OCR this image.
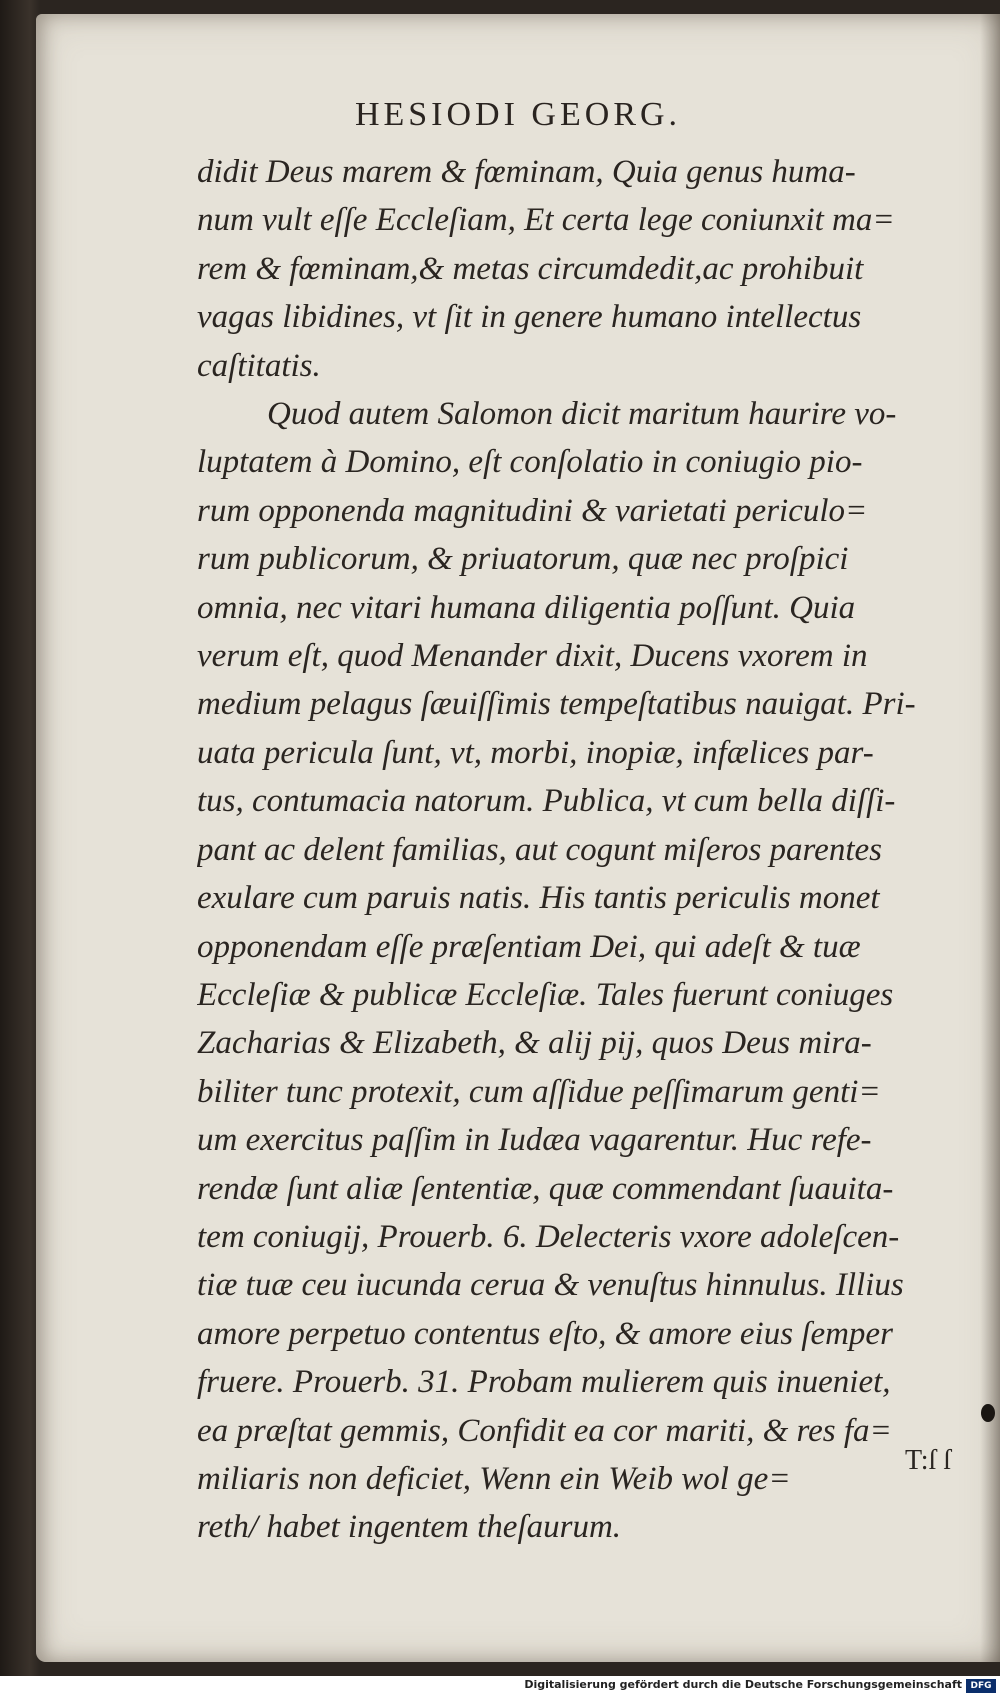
HESIODI GEORG.
didit Deus marem & fœminam, Quia genus huma-
num vult eſſe Eccleſiam, Et certa lege coniunxit ma=
rem & fœminam,& metas circumdedit,ac prohibuit
vagas libidines, vt ſit in genere humano intellectus
caſtitatis.
Quod autem Salomon dicit maritum haurire vo-
luptatem à Domino, eſt conſolatio in coniugio pio-
rum opponenda magnitudini & varietati periculo=
rum publicorum, & priuatorum, quæ nec proſpici
omnia, nec vitari humana diligentia poſſunt. Quia
verum eſt, quod Menander dixit, Ducens vxorem in
medium pelagus ſæuiſſimis tempeſtatibus nauigat. Pri-
uata pericula ſunt, vt, morbi, inopiæ, infælices par-
tus, contumacia natorum. Publica, vt cum bella diſſi-
pant ac delent familias, aut cogunt miſeros parentes
exulare cum paruis natis. His tantis periculis monet
opponendam eſſe præſentiam Dei, qui adeſt & tuæ
Eccleſiæ & publicæ Eccleſiæ. Tales fuerunt coniuges
Zacharias & Elizabeth, & alij pij, quos Deus mira-
biliter tunc protexit, cum aſſidue peſſimarum genti=
um exercitus paſſim in Iudæa vagarentur. Huc refe-
rendæ ſunt aliæ ſententiæ, quæ commendant ſuauita-
tem coniugij, Prouerb. 6. Delecteris vxore adoleſcen-
tiæ tuæ ceu iucunda cerua & venuſtus hinnulus. Illius
amore perpetuo contentus eſto, & amore eius ſemper
fruere. Prouerb. 31. Probam mulierem quis inueniet,
ea præſtat gemmis, Confidit ea cor mariti, & res fa=
miliaris non deficiet, Wenn ein Weib wol ge=
reth/ habet ingentem theſaurum.
T:ſ ſ
Digitalisierung gefördert durch die Deutsche Forschungsgemeinschaft DFG
